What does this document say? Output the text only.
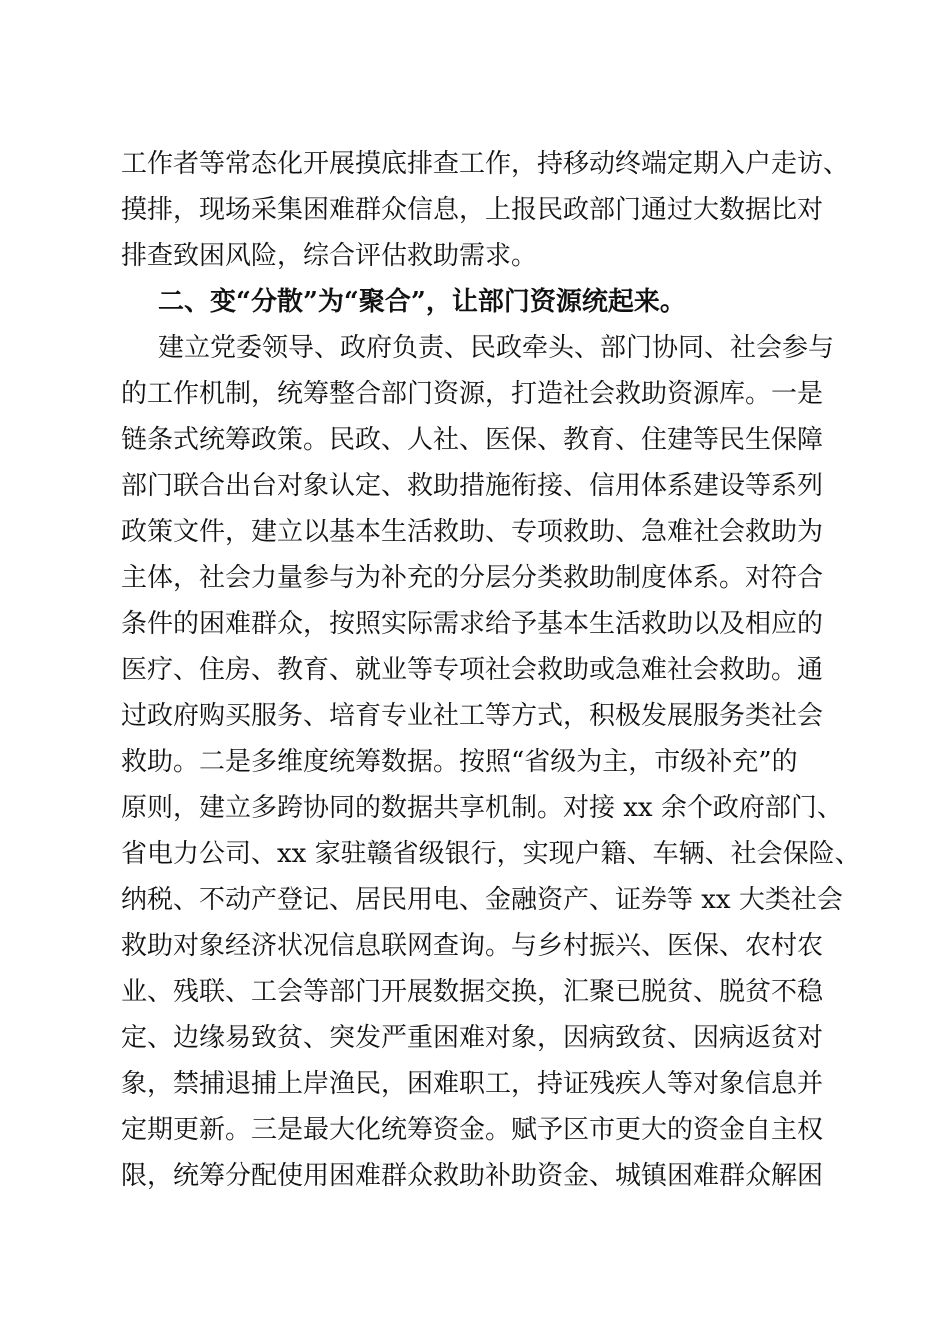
工作者等常态化开展摸底排查工作，持移动终端定期入户走访、
摸排，现场采集困难群众信息，上报民政部门通过大数据比对
排查致困风险，综合评估救助需求。
二、变“分散”为“聚合”，让部门资源统起来。
建立党委领导、政府负责、民政牵头、部门协同、社会参与
的工作机制，统筹整合部门资源，打造社会救助资源库。一是
链条式统筹政策。民政、人社、医保、教育、住建等民生保障
部门联合出台对象认定、救助措施衔接、信用体系建设等系列
政策文件，建立以基本生活救助、专项救助、急难社会救助为
主体，社会力量参与为补充的分层分类救助制度体系。对符合
条件的困难群众，按照实际需求给予基本生活救助以及相应的
医疗、住房、教育、就业等专项社会救助或急难社会救助。通
过政府购买服务、培育专业社工等方式，积极发展服务类社会
救助。二是多维度统筹数据。按照“省级为主，市级补充”的
原则，建立多跨协同的数据共享机制。对接 xx 余个政府部门、
省电力公司、xx 家驻赣省级银行，实现户籍、车辆、社会保险、
纳税、不动产登记、居民用电、金融资产、证券等 xx 大类社会
救助对象经济状况信息联网查询。与乡村振兴、医保、农村农
业、残联、工会等部门开展数据交换，汇聚已脱贫、脱贫不稳
定、边缘易致贫、突发严重困难对象，因病致贫、因病返贫对
象，禁捕退捕上岸渔民，困难职工，持证残疾人等对象信息并
定期更新。三是最大化统筹资金。赋予区市更大的资金自主权
限，统筹分配使用困难群众救助补助资金、城镇困难群众解困
